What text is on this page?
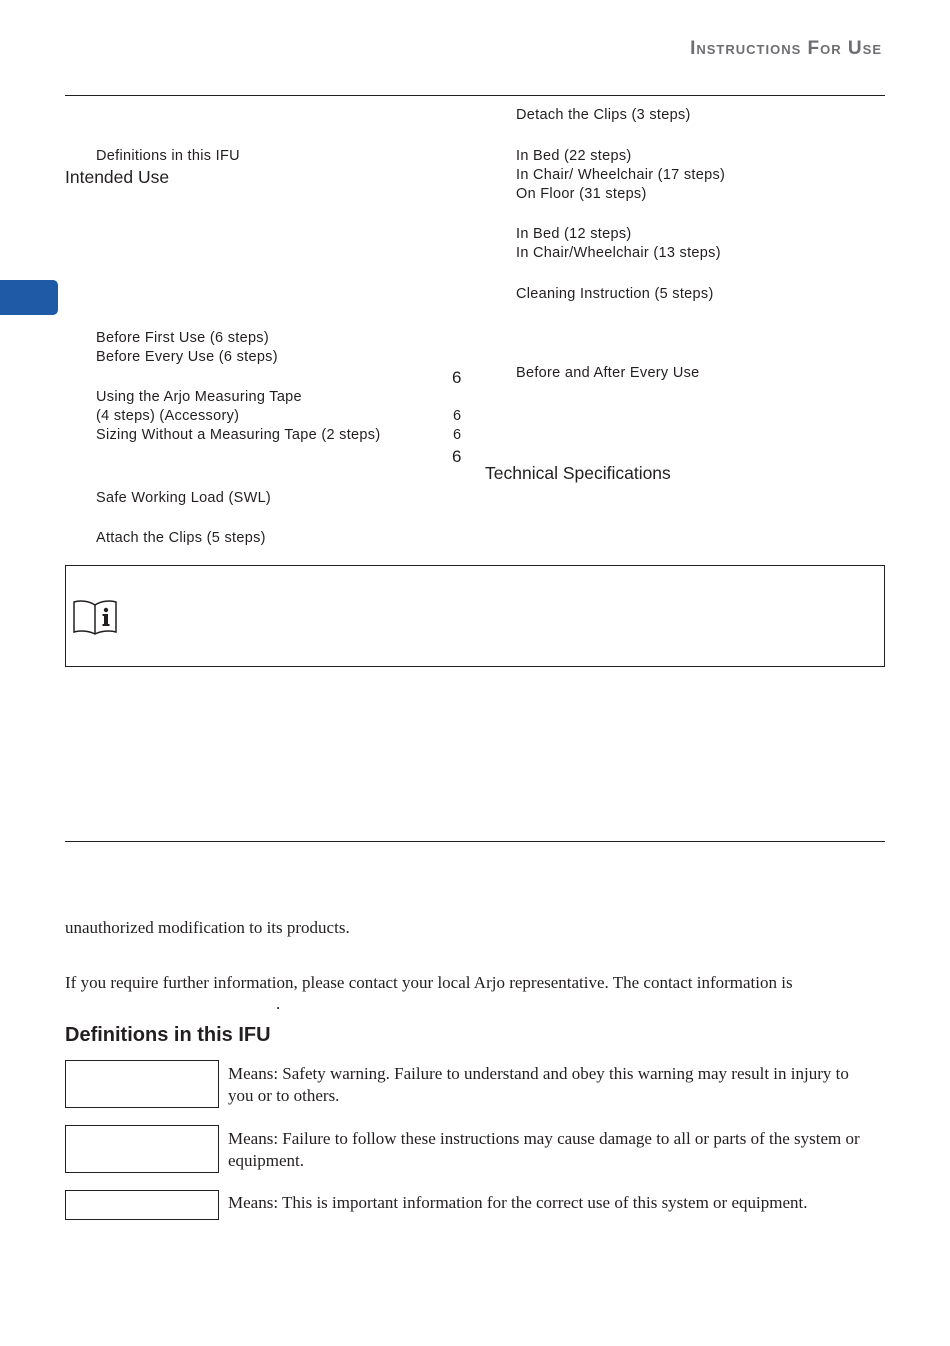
Instructions For Use
Definitions in this IFU
Intended Use
Before First Use (6 steps)
Before Every Use (6 steps)
Using the Arjo Measuring Tape
(4 steps) (Accessory)
Sizing Without a Measuring Tape (2 steps)
Safe Working Load (SWL)
Attach the Clips (5 steps)
6
6
6
6
Detach the Clips (3 steps)
In Bed (22 steps)
In Chair/ Wheelchair (17 steps)
On Floor (31 steps)
In Bed (12 steps)
In Chair/Wheelchair (13 steps)
Cleaning Instruction (5 steps)
Before and After Every Use
Technical Specifications
unauthorized modification to its products.
If you require further information, please contact your local Arjo representative. The contact information is
.
Definitions in this IFU
Means: Safety warning. Failure to understand and obey this warning may result in injury to you or to others.
Means: Failure to follow these instructions may cause damage to all or parts of the system or equipment.
Means: This is important information for the correct use of this system or equipment.
